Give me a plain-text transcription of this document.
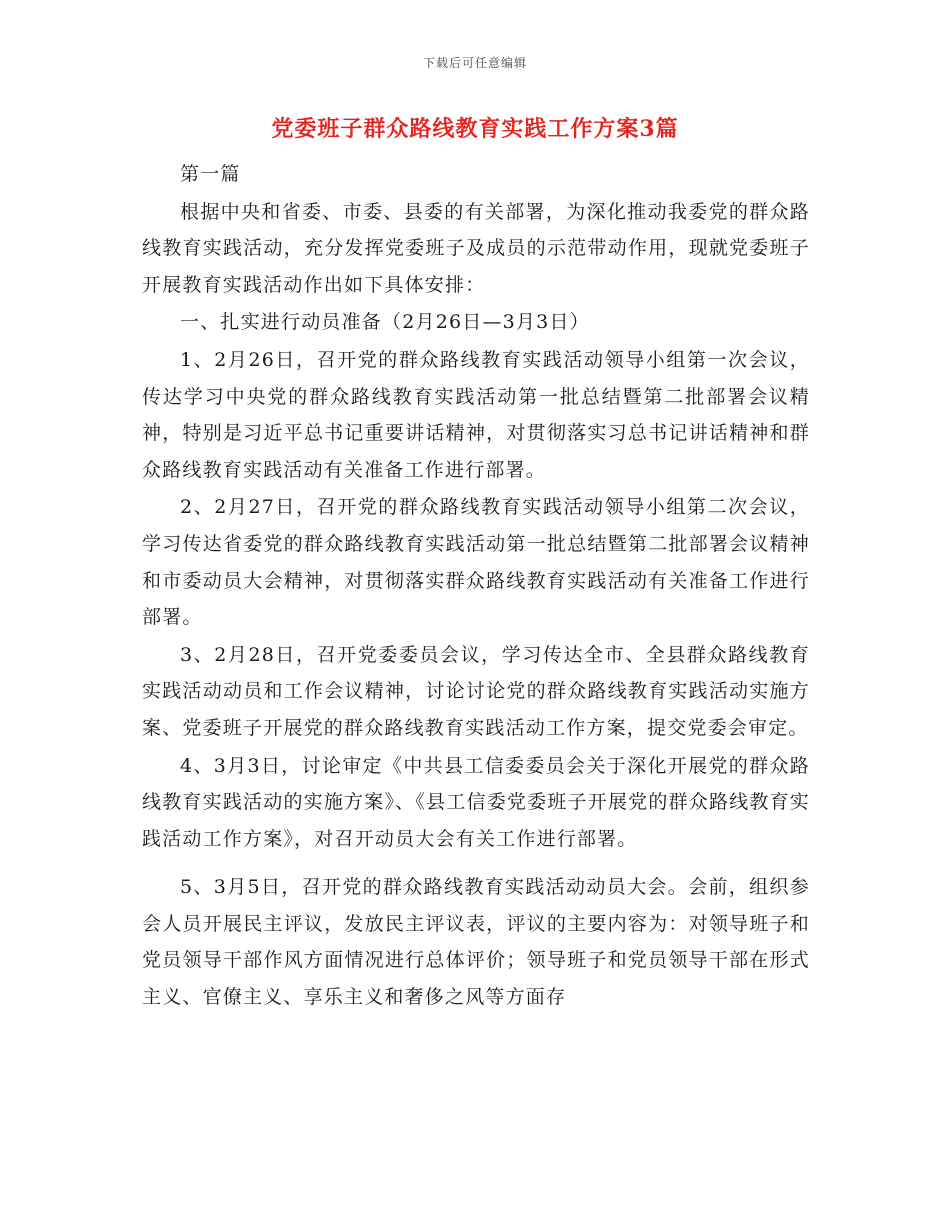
下载后可任意编辑
党委班子群众路线教育实践工作方案3篇

第一篇

根据中央和省委、市委、县委的有关部署，为深化推动我委党的群众路线教育实践活动，充分发挥党委班子及成员的示范带动作用，现就党委班子开展教育实践活动作出如下具体安排：

一、扎实进行动员准备（2月26日—3月3日）

1、2月26日，召开党的群众路线教育实践活动领导小组第一次会议，传达学习中央党的群众路线教育实践活动第一批总结暨第二批部署会议精神，特别是习近平总书记重要讲话精神，对贯彻落实习总书记讲话精神和群众路线教育实践活动有关准备工作进行部署。

2、2月27日，召开党的群众路线教育实践活动领导小组第二次会议，学习传达省委党的群众路线教育实践活动第一批总结暨第二批部署会议精神和市委动员大会精神，对贯彻落实群众路线教育实践活动有关准备工作进行部署。

3、2月28日，召开党委委员会议，学习传达全市、全县群众路线教育实践活动动员和工作会议精神，讨论讨论党的群众路线教育实践活动实施方案、党委班子开展党的群众路线教育实践活动工作方案，提交党委会审定。

4、3月3日，讨论审定《中共县工信委委员会关于深化开展党的群众路线教育实践活动的实施方案》、《县工信委党委班子开展党的群众路线教育实践活动工作方案》，对召开动员大会有关工作进行部署。

5、3月5日，召开党的群众路线教育实践活动动员大会。会前，组织参会人员开展民主评议，发放民主评议表，评议的主要内容为：对领导班子和党员领导干部作风方面情况进行总体评价；领导班子和党员领导干部在形式主义、官僚主义、享乐主义和奢侈之风等方面存
